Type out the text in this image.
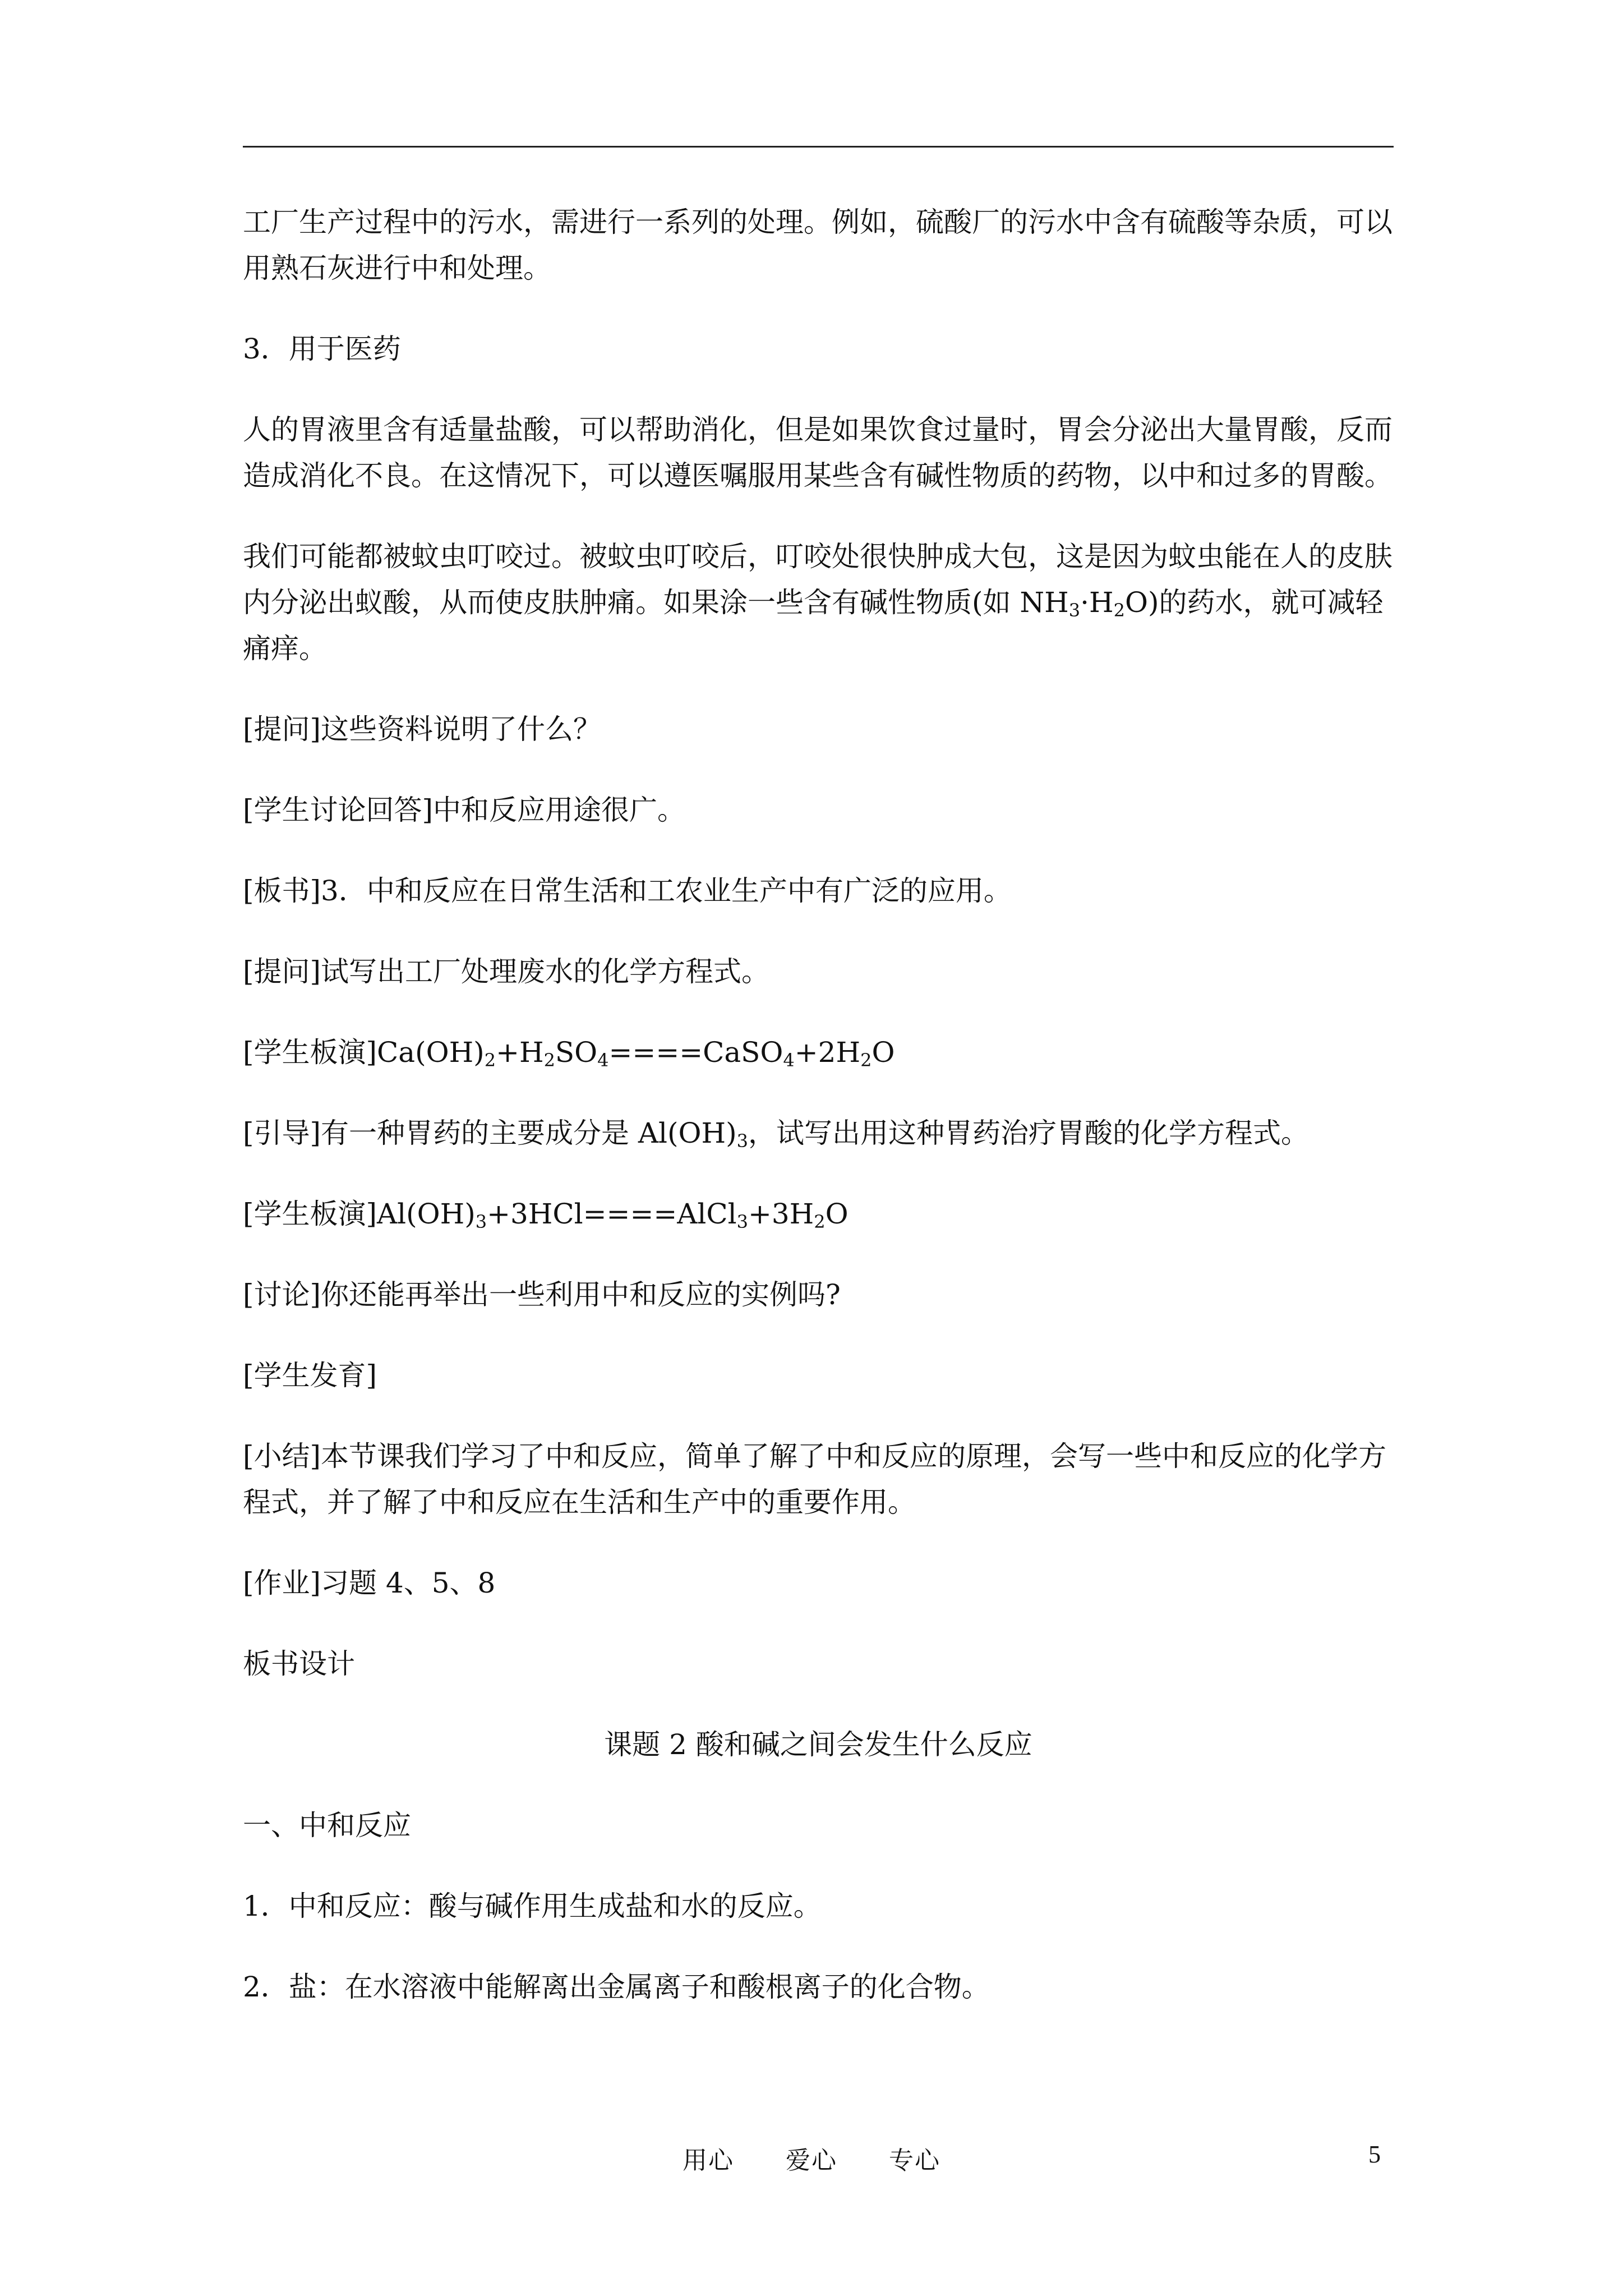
工厂生产过程中的污水，需进行一系列的处理。例如，硫酸厂的污水中含有硫酸等杂质，可以用熟石灰进行中和处理。

3．用于医药

人的胃液里含有适量盐酸，可以帮助消化，但是如果饮食过量时，胃会分泌出大量胃酸，反而造成消化不良。在这情况下，可以遵医嘱服用某些含有碱性物质的药物，以中和过多的胃酸。

我们可能都被蚊虫叮咬过。被蚊虫叮咬后，叮咬处很快肿成大包，这是因为蚊虫能在人的皮肤内分泌出蚁酸，从而使皮肤肿痛。如果涂一些含有碱性物质(如 $NH_3\cdot H_2O$)的药水，就可减轻痛痒。

[提问]这些资料说明了什么？

[学生讨论回答]中和反应用途很广。

[板书]3．中和反应在日常生活和工农业生产中有广泛的应用。

[提问]试写出工厂处理废水的化学方程式。

[学生板演]$Ca(OH)_2+H_2SO_4====CaSO_4+2H_2O$

[引导]有一种胃药的主要成分是 $Al(OH)_3$，试写出用这种胃药治疗胃酸的化学方程式。

[学生板演]$Al(OH)_3+3HCl====AlCl_3+3H_2O$

[讨论]你还能再举出一些利用中和反应的实例吗?

[学生发育]

[小结]本节课我们学习了中和反应，简单了解了中和反应的原理，会写一些中和反应的化学方程式，并了解了中和反应在生活和生产中的重要作用。

[作业]习题 4、5、8

板书设计

课题 2 酸和碱之间会发生什么反应

一、中和反应

1．中和反应：酸与碱作用生成盐和水的反应。

2．盐：在水溶液中能解离出金属离子和酸根离子的化合物。

用心 爱心 专心	5
